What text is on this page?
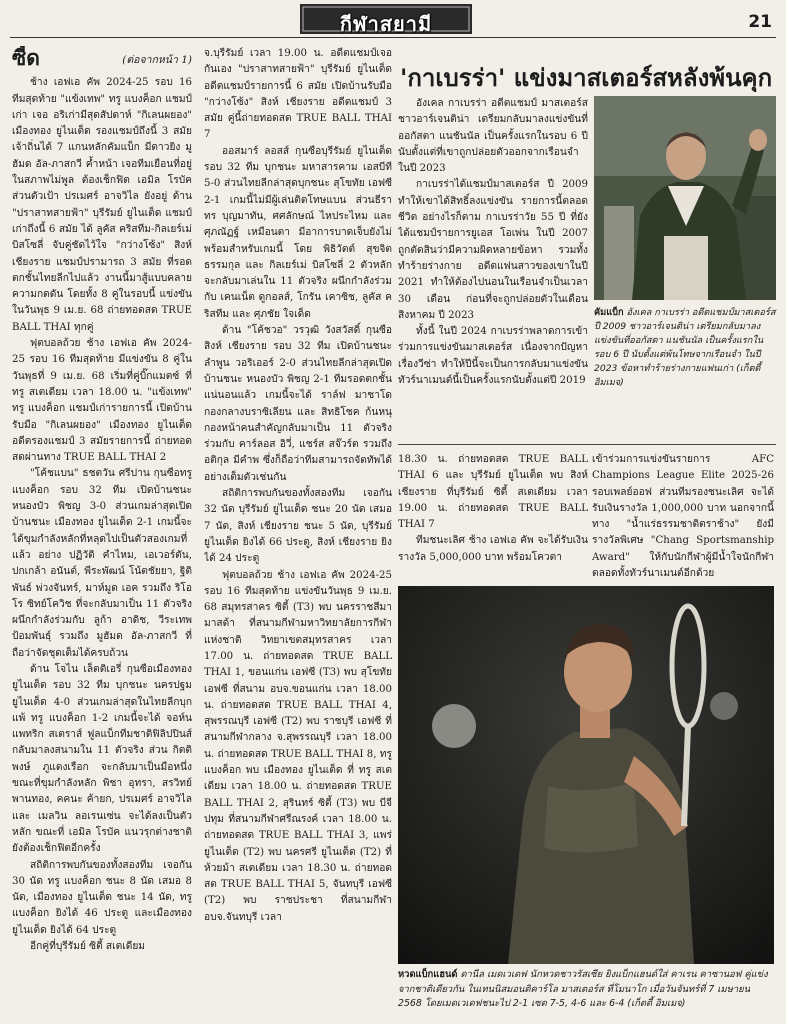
กีฬาสยามี	21
ซี้ด	(ต่อจากหน้า 1)

ช้าง เอฟเอ คัพ 2024-25 รอบ 16 ทีมสุดท้าย "แข้งเทพ" ทรู แบงค็อก แชมป์เก่า เจอ อริเก่ามีสุดสัปดาห์ "กิเลนผยอง" เมืองทอง ยูไนเต็ด รองแชมป์ถึงนี้ 3 สมัย เจ้าถิ่นได้ 7 แกนหลักคัมแบ็ก มีดาวยิง มูฮัมด อัล-ภาสกวี ค้ำหน้า เจอทีมเยือนที่อยู่ในสภาพไม่พูล ต้องเช็กฟิต เอมิล โรบัค ส่วนตัวเป้า ปรเมศร์ อาจวิไล ยังอยู่ ด้าน "ปราสาทสายฟ้า" บุรีรัมย์ ยูไนเต็ด แชมป์เก่าถึงนี้ 6 สมัย ได้ ลูคัส คริสทีม-กิลเยร์เม่ บิสโซลี่ จับคู่ชัดไว้ใจ "กว่างโซ้ง" สิงห์ เชียงราย แชมป์ปรามารถ 3 สมัย ที่รอดตกชั้นไทยลีกไปแล้ว งานนี้มาสู้แบบคลายความกดดัน โดยทั้ง 8 คู่ในรอบนี้ แข่งขันในวันพุธ 9 เม.ย. 68 ถ่ายทอดสด TRUE BALL THAI ทุกคู่

ฟุตบอลถ้วย ช้าง เอฟเอ คัพ 2024-25 รอบ 16 ทีมสุดท้าย มีแข่งขัน 8 คู่ในวันพุธที่ 9 เม.ย. 68 เริ่มที่คู่บิ๊กแมตซ์ ที่ ทรู สเตเดียม เวลา 18.00 น. "แข้งเทพ" ทรู แบงค็อก แชมป์เก่ารายการนี้ เปิดบ้านรับมือ "กิเลนผยอง" เมืองทอง ยูไนเต็ด อดีตรองแชมป์ 3 สมัยรายการนี้ ถ่ายทอดสดผ่านทาง TRUE BALL THAI 2

"โค้ชแบน" ธชตวัน ศรีปาน กุนซือทรู แบงค็อก รอบ 32 ทีม เปิดบ้านชนะ หนองบัว พิชญ 3-0 ส่วนเกมล่าสุดเปิดบ้านชนะ เมืองทอง ยูไนเต็ด 2-1 เกมนี้จะได้ขุมกำลังหลักที่หลุดไปเป็นตัวสองเกมที่แล้ว อย่าง ปฏิวัติ คำไหม, เอเวอร์ตัน, ปกเกล้า อนันต์, พีระพัฒน์ โน้ตชัยยา, ฐิติพันธ์ พ่วงจันทร์, มาห์มูด เอค รวมถึง ริโอโร ซิทย์โควิช ที่จะกลับมาเป็น 11 ตัวจริง ผนึกกำลังร่วมกับ ลูก้า อาดิช, วีระเทพ ป้อมพันธุ์ รวมถึง มูฮัมด อัล-ภาสกวี ที่ถือว่าจัดชุดเต็มได้ครบถ้วน

ด้าน โจไน เล็ตติเอรี่ กุนซือเมืองทอง ยูไนเต็ด รอบ 32 ทีม บุกชนะ นครปฐม ยูไนเต็ด 4-0 ส่วนเกมล่าสุดในไทยลีกบุกแพ้ ทรู แบงค็อก 1-2 เกมนี้จะได้ จอห์น แพทริก สเตราส์ ฟูลแบ็กทีมชาติฟิลิปปินส์ กลับมาลงสนามใน 11 ตัวจริง ส่วน กิตติพงษ์ ภูแดงเรือก จะกลับมาเป็นมือหนึ่ง ขณะที่ขุมกำลังหลัก พิชา อุทรา, สรวิทย์ พานทอง, คคนะ ค้ายก, ปรเมศร์ อาจวิไล และ เมลวิน ลอเรนเซ่น จะได้ลงเป็นตัวหลัก ขณะที่ เอมิล โรบัค แนวรุกต่างชาติยังต้องเช็กฟิตอีกครั้ง

สถิติการพบกันของทั้งสองทีม เจอกัน 30 นัด ทรู แบงค็อก ชนะ 8 นัด เสมอ 8 นัด, เมืองทอง ยูไนเต็ด ชนะ 14 นัด, ทรู แบงค็อก ยิงได้ 46 ประตู และเมืองทอง ยูไนเต็ด ยิงได้ 64 ประตู

อีกคู่ที่บุรีรัมย์ ซิตี้ สเตเดียม

จ.บุรีรัมย์ เวลา 19.00 น. อดีตแชมป์เจอกันเอง "ปราสาทสายฟ้า" บุรีรัมย์ ยูไนเต็ด อดีตแชมป์รายการนี้ 6 สมัย เปิดบ้านรับมือ "กว่างโซ้ง" สิงห์ เชียงราย อดีตแชมป์ 3 สมัย คู่นี้ถ่ายทอดสด TRUE BALL THAI 7

ออสมาร์ ลอสส์ กุนซือบุรีรัมย์ ยูไนเต็ด รอบ 32 ทีม บุกชนะ มหาสารคาม เอสบีที 5-0 ส่วนไทยลีกล่าสุดบุกชนะ สุโขทัย เอฟซี 2-1 เกมนี้ไม่มีผู้เล่นติดโทษแบน ส่วนธีราทร บุญมาทัน, ศศลักษณ์ ไหประไหม และ ศุภณัฏฐ์ เหมือนตา มีอาการบาดเจ็บยังไม่พร้อมสำหรับเกมนี้ โดย พิธิวัตต์ สุขจิต ธรรมกุล และ กิลเยร์เม่ บิสโซลี่ 2 ตัวหลักจะกลับมาเล่นใน 11 ตัวจริง ผนึกกำลังร่วมกับ เคนเน็ต ดูกอลส์, โกรัน เคาซิช, ลูคัส คริสทีม และ ศุภชัย ใจเด็ด

ด้าน "โค้ชวอ" วรวุฒิ วังสวัสดิ์ กุนซือสิงห์ เชียงราย รอบ 32 ทีม เปิดบ้านชนะ ลำพูน วอริเออร์ 2-0 ส่วนไทยลีกล่าสุดเปิดบ้านชนะ หนองบัว พิชญ 2-1 ทีมรอดตกชั้นแน่นอนแล้ว เกมนี้จะได้ ราล์ฟ มาชาโด กองกลางบราซิเลียน และ สิทธิโชค ก้นหนุ กองหน้าคนสำคัญกลับมาเป็น 11 ตัวจริงร่วมกับ คาร์ลอส อิวี่, แชร์ส สจ๊วร์ต รวมถึง อติกุล มีคำพ ซึ่งก็ถือว่าทีมสามารถจัดทัพได้อย่างเต็มตัวเช่นกัน

สถิติการพบกันของทั้งสองทีม เจอกัน 32 นัด บุรีรัมย์ ยูไนเต็ด ชนะ 20 นัด เสมอ 7 นัด, สิงห์ เชียงราย ชนะ 5 นัด, บุรีรัมย์ ยูไนเต็ด ยิงได้ 66 ประตู, สิงห์ เชียงราย ยิงได้ 24 ประตู

ฟุตบอลถ้วย ช้าง เอฟเอ คัพ 2024-25 รอบ 16 ทีมสุดท้าย แข่งขันวันพุธ 9 เม.ย. 68 สมุทรสาคร ซิตี้ (T3) พบ นครราชสีมา มาสด้า ที่สนามกีฬามหาวิทยาลัยการกีฬาแห่งชาติ วิทยาเขตสมุทรสาคร เวลา 17.00 น. ถ่ายทอดสด TRUE BALL THAI 1, ขอนแก่น เอฟซี (T3) พบ สุโขทัย เอฟซี ที่สนาม อบจ.ขอนแก่น เวลา 18.00 น. ถ่ายทอดสด TRUE BALL THAI 4, สุพรรณบุรี เอฟซี (T2) พบ ราชบุรี เอฟซี ที่สนามกีฬากลาง จ.สุพรรณบุรี เวลา 18.00 น. ถ่ายทอดสด TRUE BALL THAI 8, ทรู แบงค็อก พบ เมืองทอง ยูไนเต็ด ที่ ทรู สเตเดียม เวลา 18.00 น. ถ่ายทอดสด TRUE BALL THAI 2, สุรินทร์ ซิตี้ (T3) พบ บีจี ปทุม ที่สนามกีฬาศรีณรงค์ เวลา 18.00 น. ถ่ายทอดสด TRUE BALL THAI 3, แพร่ ยูไนเต็ด (T2) พบ นครศรี ยูไนเต็ด (T2) ที่ห้วยม้า สเตเดียม เวลา 18.30 น. ถ่ายทอดสด TRUE BALL THAI 5, จันทบุรี เอฟซี (T2) พบ ราชประชา ที่สนามกีฬา อบจ.จันทบุรี เวลา

'กาเบรร่า' แข่งมาสเตอร์สหลังพ้นคุก

อังเคล กาเบรร่า อดีตแชมป์ มาสเตอร์ส ชาวอาร์เจนติน่า เตรียมกลับมาลงแข่งขันที่ออกัสตา แนชันนัล เป็นครั้งแรกในรอบ 6 ปี นับตั้งแต่ที่เขาถูกปล่อยตัวออกจากเรือนจำในปี 2023

กาเบรร่าได้แชมป์มาสเตอร์ส ปี 2009 ทำให้เขาได้สิทธิ์ลงแข่งขัน รายการนี้ตลอดชีวิต อย่างไรก็ตาม กาเบรร่าวัย 55 ปี ที่ยังได้แชมป์รายการยูเอส โอเพ่น ในปี 2007 ถูกตัดสินว่ามีความผิดหลายข้อหา รวมทั้งทำร้ายร่างกาย อดีตแฟนสาวของเขาในปี 2021 ทำให้ต้องไปนอนในเรือนจำเป็นเวลา 30 เดือน ก่อนที่จะถูกปล่อยตัวในเดือนสิงหาคม ปี 2023

ทั้งนี้ ในปี 2024 กาเบรร่าพลาดการเข้าร่วมการแข่งขันมาสเตอร์ส เนื่องจากปัญหาเรื่องวีซ่า ทำให้ปีนี้จะเป็นการกลับมาแข่งขันทัวร์นาเมนต์นี้เป็นครั้งแรกนับตั้งแต่ปี 2019

คัมแบ็ก อังเคล กาเบรร่า อดีตแชมป์มาสเตอร์ส ปี 2009 ชาวอาร์เจนติน่า เตรียมกลับมาลงแข่งขันที่ออกัสตา แนชันนัล เป็นครั้งแรกในรอบ 6 ปี นับตั้งแต่พ้นโทษจากเรือนจำ ในปี 2023 ข้อหาทำร้ายร่างกายแฟนเก่า (เก็ตตี้ อิมเมจ)

18.30 น. ถ่ายทอดสด TRUE BALL THAI 6 และ บุรีรัมย์ ยูไนเต็ด พบ สิงห์ เชียงราย ที่บุรีรัมย์ ซิตี้ สเตเดียม เวลา 19.00 น. ถ่ายทอดสด TRUE BALL THAI 7

ทีมชนะเลิศ ช้าง เอฟเอ คัพ จะได้รับเงินรางวัล 5,000,000 บาท พร้อมโควตา

เข้าร่วมการแข่งขันรายการ AFC Champions League Elite 2025-26 รอบเพลย์ออฟ ส่วนทีมรองชนะเลิศ จะได้รับเงินรางวัล 1,000,000 บาท นอกจากนี้ทาง "น้ำแร่ธรรมชาติตราช้าง" ยังมีรางวัลพิเศษ "Chang Sportsmanship Award" ให้กับนักกีฬาผู้มีน้ำใจนักกีฬาตลอดทั้งทัวร์นาเมนต์อีกด้วย

หวดแบ็กแฮนด์ ดานีล เมดเวเดฟ นักหวดชาวรัสเซีย ยิงแบ็กแฮนด์ใส่ คาเรน คาซานอฟ คู่แข่งจากชาติเดียวกัน ในเทนนิสมอนติคาร์โล มาสเตอร์ส ที่โมนาโก เมื่อวันจันทร์ที่ 7 เมษายน 2568 โดยเมดเวเดฟชนะไป 2-1 เซต 7-5, 4-6 และ 6-4 (เก็ตตี้ อิมเมจ)
